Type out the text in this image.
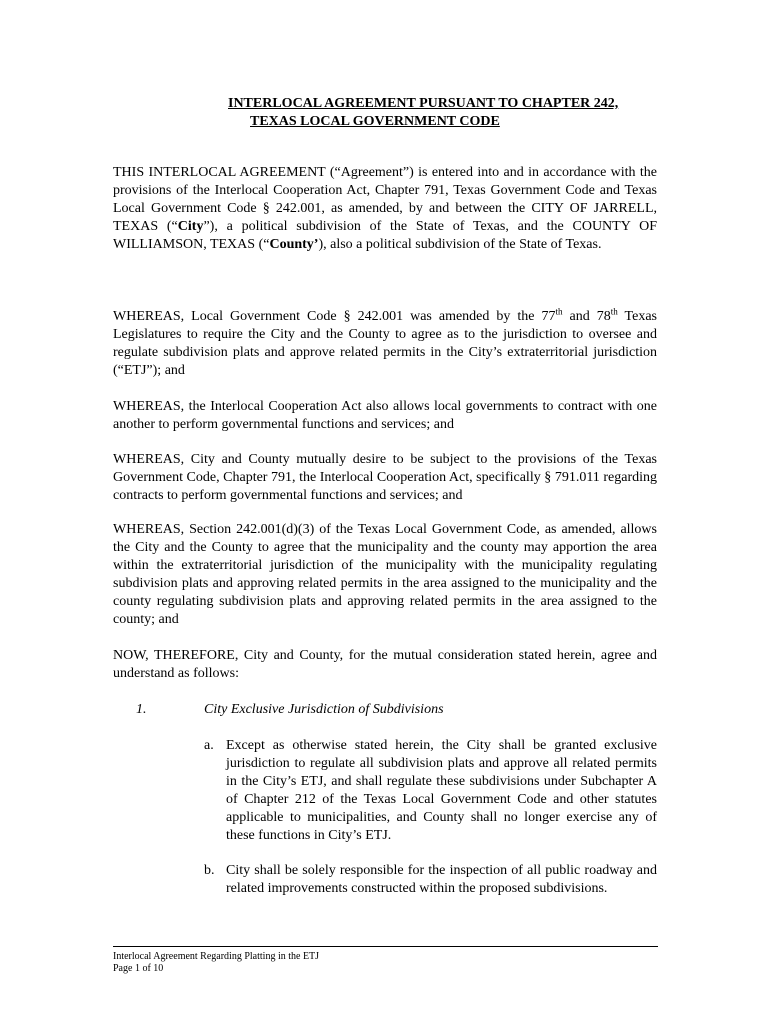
INTERLOCAL AGREEMENT PURSUANT TO CHAPTER 242,
TEXAS LOCAL GOVERNMENT CODE
THIS INTERLOCAL AGREEMENT (“Agreement”) is entered into and in accordance with the provisions of the Interlocal Cooperation Act, Chapter 791, Texas Government Code and Texas Local Government Code § 242.001, as amended, by and between the CITY OF JARRELL, TEXAS (“City”), a political subdivision of the State of Texas, and the COUNTY OF WILLIAMSON, TEXAS (“County’), also a political subdivision of the State of Texas.
WHEREAS, Local Government Code § 242.001 was amended by the 77th and 78th Texas Legislatures to require the City and the County to agree as to the jurisdiction to oversee and regulate subdivision plats and approve related permits in the City’s extraterritorial jurisdiction (“ETJ”); and
WHEREAS, the Interlocal Cooperation Act also allows local governments to contract with one another to perform governmental functions and services; and
WHEREAS, City and County mutually desire to be subject to the provisions of the Texas Government Code, Chapter 791, the Interlocal Cooperation Act, specifically § 791.011 regarding contracts to perform governmental functions and services; and
WHEREAS, Section 242.001(d)(3) of the Texas Local Government Code, as amended, allows the City and the County to agree that the municipality and the county may apportion the area within the extraterritorial jurisdiction of the municipality with the municipality regulating subdivision plats and approving related permits in the area assigned to the municipality and the county regulating subdivision plats and approving related permits in the area assigned to the county; and
NOW, THEREFORE, City and County, for the mutual consideration stated herein, agree and understand as follows:
1.	City Exclusive Jurisdiction of Subdivisions
a. Except as otherwise stated herein, the City shall be granted exclusive jurisdiction to regulate all subdivision plats and approve all related permits in the City’s ETJ, and shall regulate these subdivisions under Subchapter A of Chapter 212 of the Texas Local Government Code and other statutes applicable to municipalities, and County shall no longer exercise any of these functions in City’s ETJ.
b. City shall be solely responsible for the inspection of all public roadway and related improvements constructed within the proposed subdivisions.
Interlocal Agreement Regarding Platting in the ETJ
Page 1 of 10
